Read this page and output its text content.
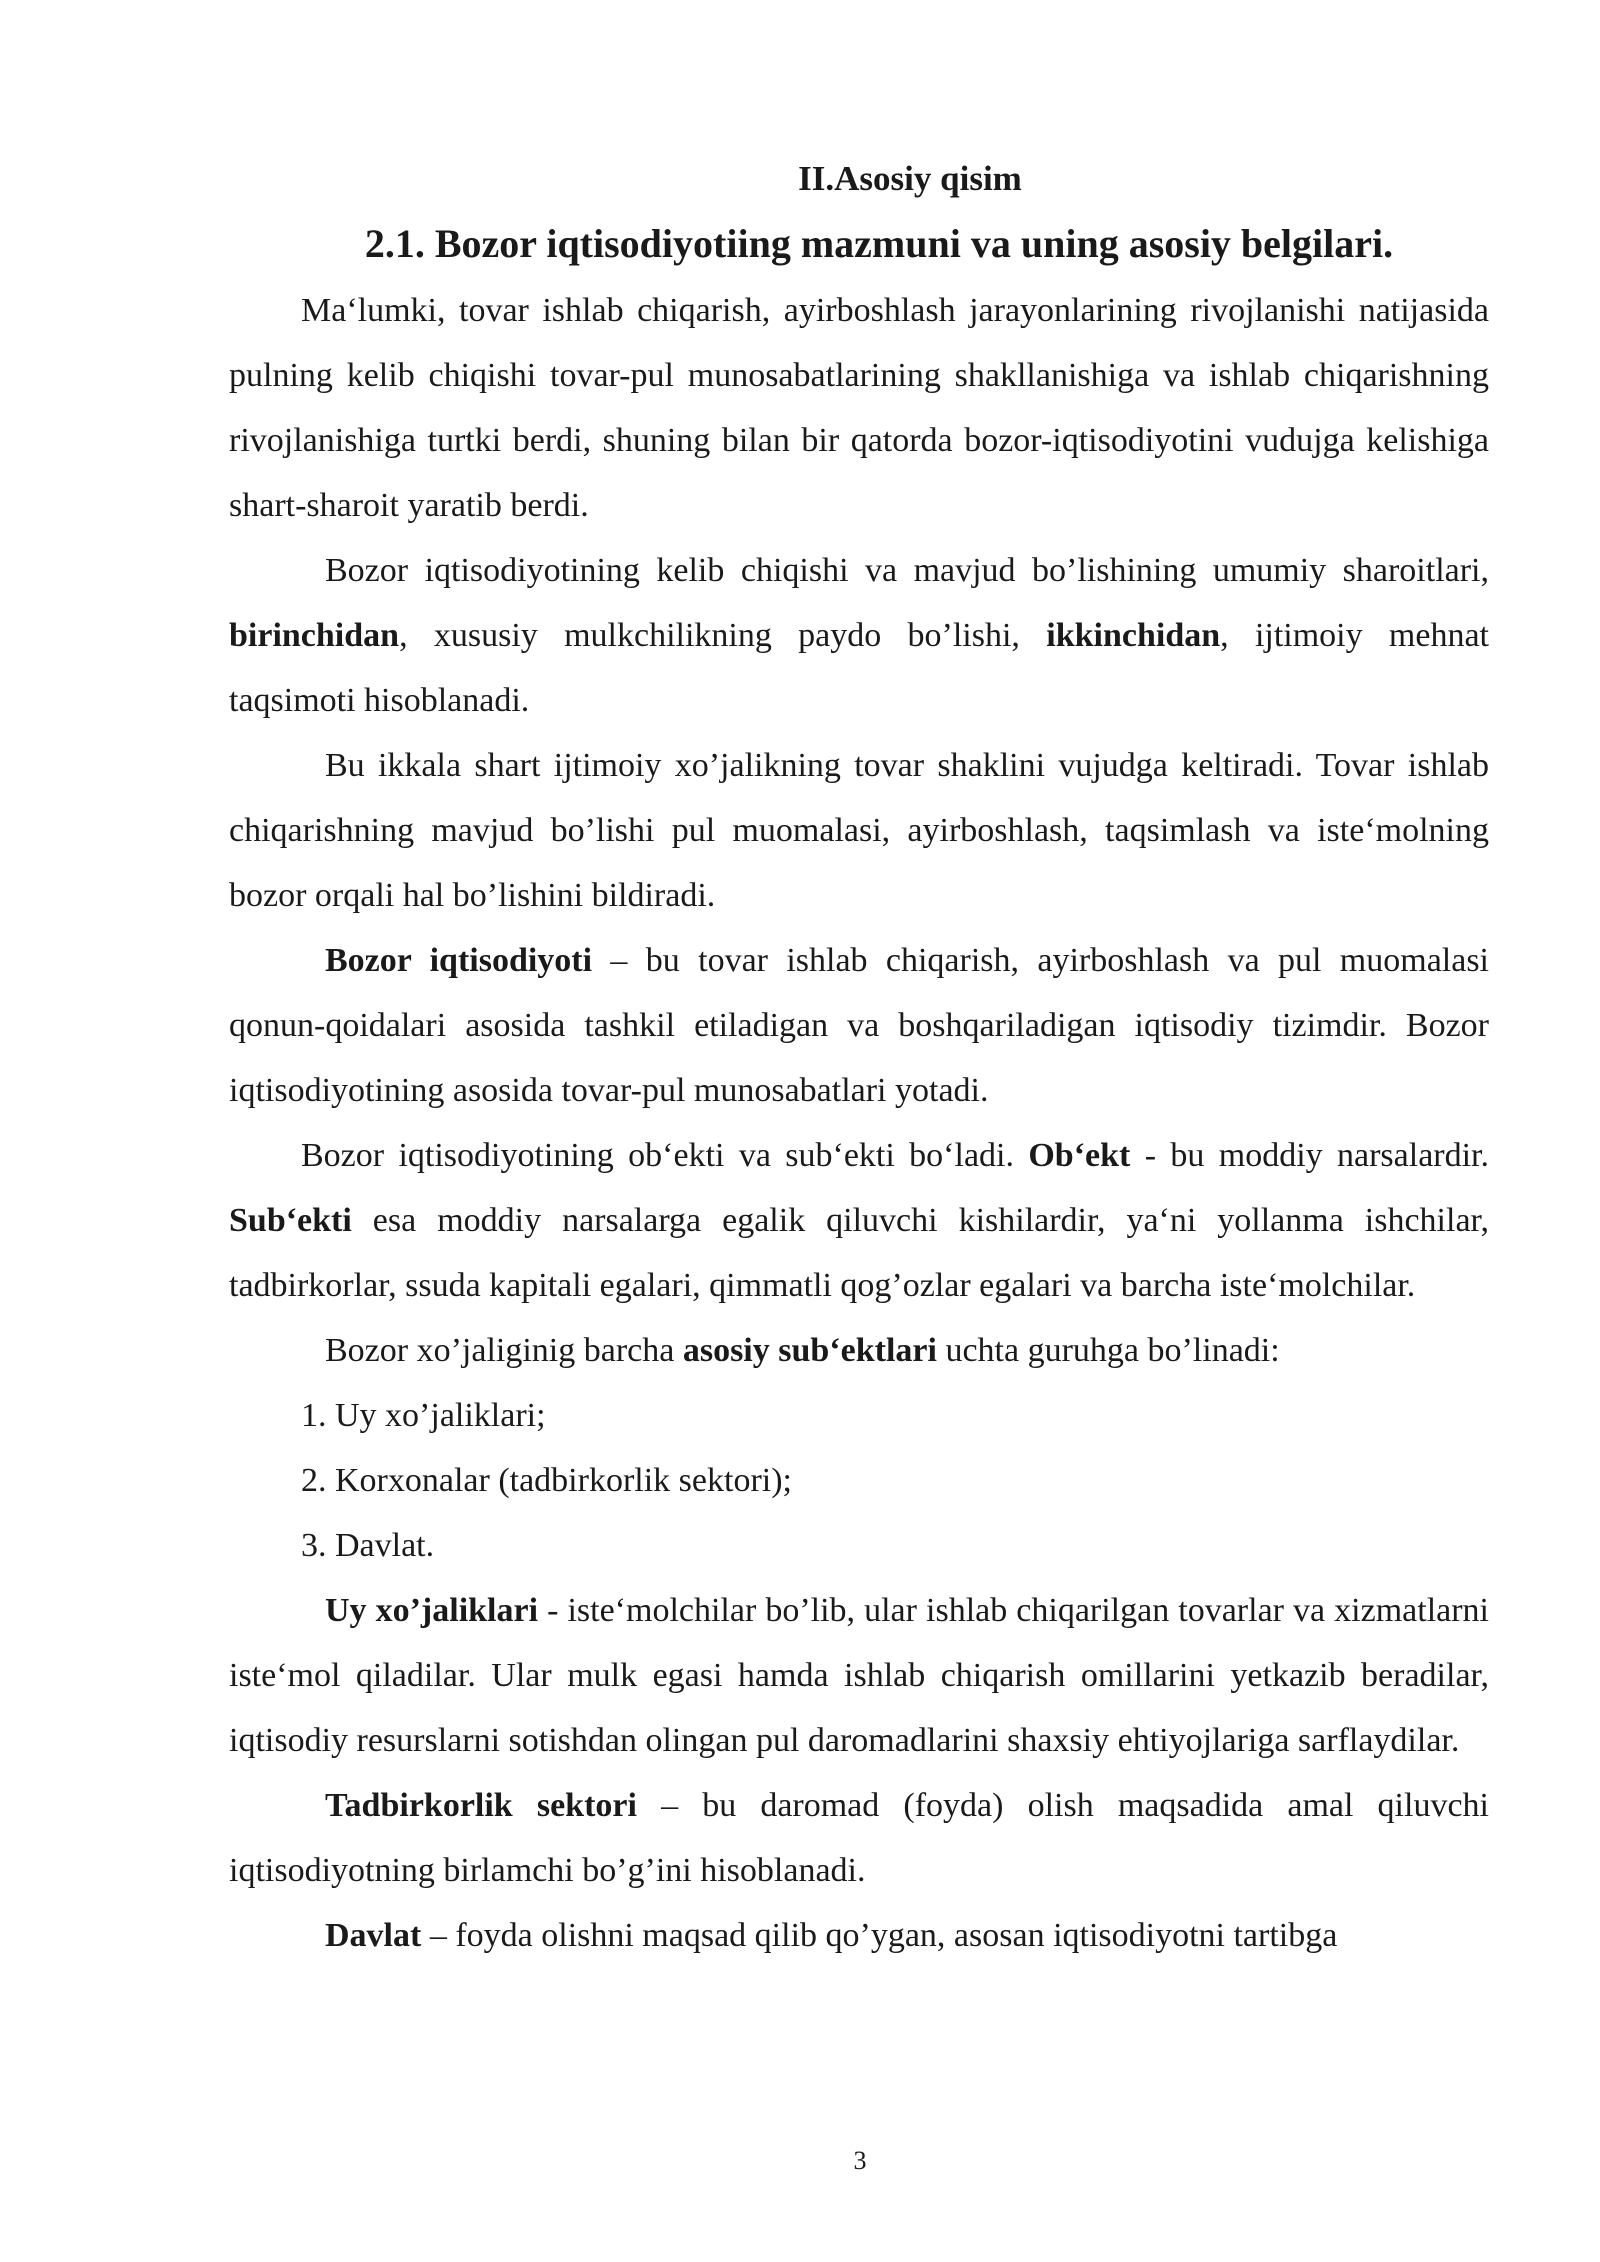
II.Asosiy qisim
2.1. Bozor iqtisodiyotiing mazmuni va uning asosiy belgilari.

Ma‘lumki, tovar ishlab chiqarish, ayirboshlash jarayonlarining rivojlanishi natijasida pulning kelib chiqishi tovar-pul munosabatlarining shakllanishiga va ishlab chiqarishning rivojlanishiga turtki berdi, shuning bilan bir qatorda bozor-iqtisodiyotini vudujga kelishiga shart-sharoit yaratib berdi.

Bozor iqtisodiyotining kelib chiqishi va mavjud bo’lishining umumiy sharoitlari, birinchidan, xususiy mulkchilikning paydo bo’lishi, ikkinchidan, ijtimoiy mehnat taqsimoti hisoblanadi.

Bu ikkala shart ijtimoiy xo’jalikning tovar shaklini vujudga keltiradi. Tovar ishlab chiqarishning mavjud bo’lishi pul muomalasi, ayirboshlash, taqsimlash va iste‘molning bozor orqali hal bo’lishini bildiradi.

Bozor iqtisodiyoti – bu tovar ishlab chiqarish, ayirboshlash va pul muomalasi qonun-qoidalari asosida tashkil etiladigan va boshqariladigan iqtisodiy tizimdir. Bozor iqtisodiyotining asosida tovar-pul munosabatlari yotadi.

Bozor iqtisodiyotining ob‘ekti va sub‘ekti bo‘ladi. Ob‘ekt - bu moddiy narsalardir. Sub‘ekti esa moddiy narsalarga egalik qiluvchi kishilardir, ya‘ni yollanma ishchilar, tadbirkorlar, ssuda kapitali egalari, qimmatli qog’ozlar egalari va barcha iste‘molchilar.

Bozor xo’jaliginig barcha asosiy sub‘ektlari uchta guruhga bo’linadi:

1. Uy xo’jaliklari;

2. Korxonalar (tadbirkorlik sektori);

3. Davlat.

Uy xo’jaliklari - iste‘molchilar bo’lib, ular ishlab chiqarilgan tovarlar va xizmatlarni iste‘mol qiladilar. Ular mulk egasi hamda ishlab chiqarish omillarini yetkazib beradilar, iqtisodiy resurslarni sotishdan olingan pul daromadlarini shaxsiy ehtiyojlariga sarflaydilar.

Tadbirkorlik sektori – bu daromad (foyda) olish maqsadida amal qiluvchi iqtisodiyotning birlamchi bo’g’ini hisoblanadi.

Davlat – foyda olishni maqsad qilib qo’ygan, asosan iqtisodiyotni tartibga

3
